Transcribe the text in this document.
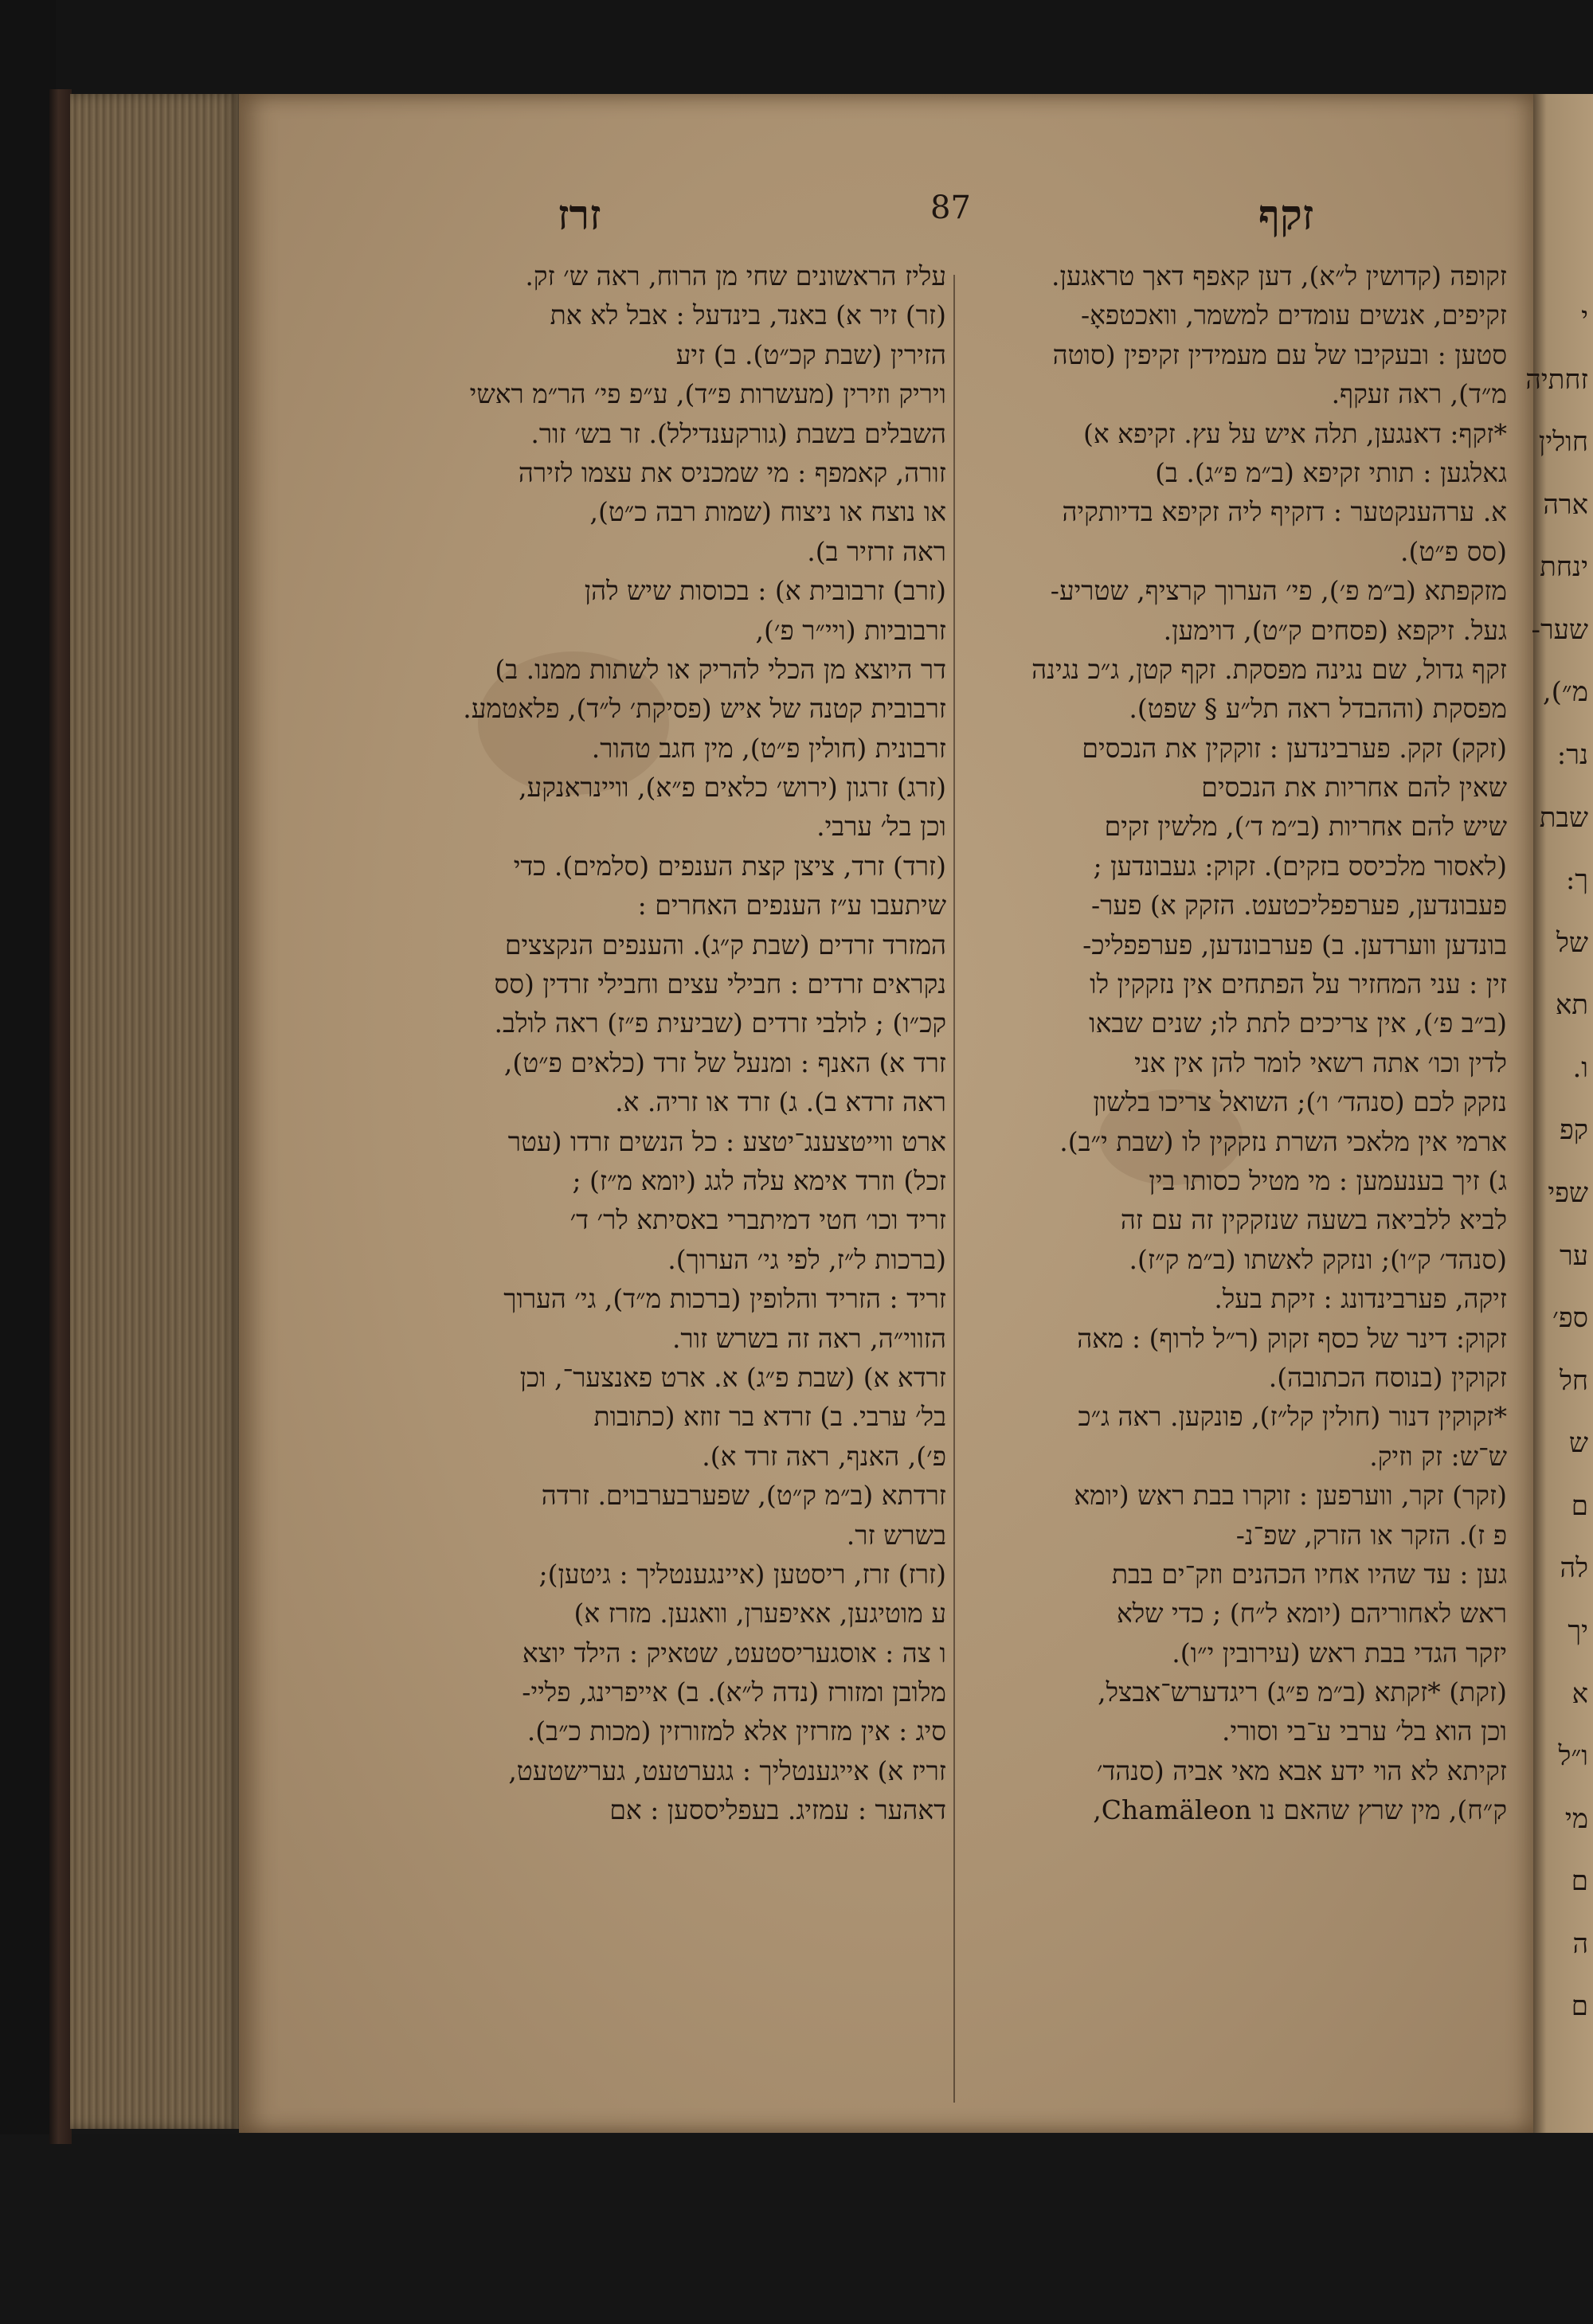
י
זחתיה
חולין
ארה
ינחת
שער-
מ״),
נר:
שבת
ך:
של
תא
ו.
קפ
שפי
ער
ספ׳
חל
ש
ם
לה
יך
א
ו״ל
מי
ם
ה
ם
זרז	87	זקף
זקופה (קדושין ל״א), דען קאפף דאך טראגען.
זקיפים, אנשים עומדים למשמר, וואכטפאָ-
סטען : ובעקיבו של עם מעמידין זקיפין (סוטה
מ״ד), ראה זעקף.
*זקף: דאנגען, תלה איש על עץ. זקיפא א)
גאלגען : תותי זקיפא (ב״מ פ״ג). ב)
א. ערהענקטער : דזקיף ליה זקיפא בדיותקיה
(סס פ״ט).
מזקפתא (ב״מ פ׳), פי׳ הערוך קרציף, שטריע-
געל. זיקפא (פסחים ק״ט), דוימען.
זקף גדול, שם נגינה מפסקת. זקף קטן, ג״כ נגינה
מפסקת (וההבדל ראה תל״ע § שפט).
(זקק) זקק. פערבינדען : זוקקין את הנכסים
שאין להם אחריות את הנכסים
שיש להם אחריות (ב״מ ד׳), מלשין זקים
(לאסור מלכיסס בזקים). זקוק: געבונדען ;
פעבונדען, פערפפליכטעט. הזקק א) פער-
בונדען ווערדען. ב) פערבונדען, פערפפליכ-
זין : עני המחזיר על הפתחים אין נזקקין לו
(ב״ב פ׳), אין צריכים לתת לו; שנים שבאו
לדין וכו׳ אתה רשאי לומר להן אין אני
נזקק לכם (סנהד׳ ו׳); השואל צריכו בלשון
ארמי אין מלאכי השרת נזקקין לו (שבת י״ב).
ג) זיך בענעמען : מי מטיל כסותו בין
לביא ללביאה בשעה שנזקקין זה עם זה
(סנהד׳ ק״ו); ונזקק לאשתו (ב״מ ק״ז).
זיקה, פערבינדונג : זיקת בעל.
זקוק: דינר של כסף זקוק (ר״ל לרוף) : מאה
זקוקין (בנוסח הכתובה).
*זקוקין דנור (חולין קל״ז), פונקען. ראה ג״כ
ש־ש: זק וזיק.
(זקר) זקר, ווערפען : זוקרו בבת ראש (יומא
פ ז). הזקר או הזרק, שפ־נ-
גען : עד שהיו אחיו הכהנים וזק־ים בבת
ראש לאחוריהם (יומא ל״ח) ; כדי שלא
יזקר הגדי בבת ראש (עירובין י״ו).
(זקת) *זקתא (ב״מ פ״ג) ריגדערש־אבצל,
וכן הוא בל׳ ערבי ע־בי וסורי.
זקיתא לא הוי ידע אבא מאי אביה (סנהד׳
ק״ח), מין שרץ שהאם נו Chamäleon,
עליז הראשונים שחי מן הרוח, ראה ש׳ זק.
(זר) זיר א) באנד, בינדעל : אבל לא את
הזירין (שבת קכ״ט). ב) זיע
ויריק וזירין (מעשרות פ״ד), ע״פ פי׳ הר״מ ראשי
השבלים בשבת (גורקענדילל). זר בש׳ זור.
זורה, קאמפף : מי שמכניס את עצמו לזירה
או נוצח או ניצוח (שמות רבה כ״ט),
ראה זרזיר ב).
(זרב) זרבובית א) : בכוסות שיש להן
זרבוביות (ויי״ר פ׳),
דר היוצא מן הכלי להריק או לשתות ממנו. ב)
זרבובית קטנה של איש (פסיקת׳ ל״ד), פלאטמע.
זרבונית (חולין פ״ט), מין חגב טהור.
(זרג) זרגון (ירוש׳ כלאים פ״א), וויינראנקע,
וכן בל׳ ערבי.
(זרד) זרד, ציצן קצת הענפים (סלמים). כדי
שיתעבו ע״ז הענפים האחרים :
המזרד זרדים (שבת ק״ג). והענפים הנקצצים
נקראים זרדים : חבילי עצים וחבילי זרדין (סס
קכ״ו) ; לולבי זרדים (שביעית פ״ז) ראה לולב.
זרד א) האנף : ומנעל של זרד (כלאים פ״ט),
ראה זרדא ב). ג) זרד או זריה. א.
ארט ווייטצענג־יטצע : כל הנשים זרדו (עטר
זכל) וזרד אימא עלה לגג (יומא מ״ז) ;
זריד וכו׳ חטי דמיתברי באסיתא לר׳ ד׳
(ברכות ל״ז, לפי גי׳ הערוך).
זריד : הזריד והלופין (ברכות מ״ד), גי׳ הערוך
הזווי״ה, ראה זה בשרש זור.
זרדא א) (שבת פ״ג) א. ארט פאנצער־, וכן
בל׳ ערבי. ב) זרדא בר זוזא (כתובות
פ׳), האנף, ראה זרד א).
זרדתא (ב״מ ק״ט), שפערבערבוים. זרדה
בשרש זר.
(זרז) זרז, ריסטען (איינגענטליך : גיטען);
ע מוטיגען, אאיפערן, וואגען. מזרז א)
ו צה : אוסגעריסטעט, שטאיק : הילד יוצא
מלובן ומזורז (נדה ל״א). ב) אייפרינג, פליי-
סיג : אין מזרזין אלא למזורזין (מכות כ״ב).
זריז א) אייגענטליך : גגערטעט, גערישטעט,
דאהער : עמזיג. בעפליססען : אם
